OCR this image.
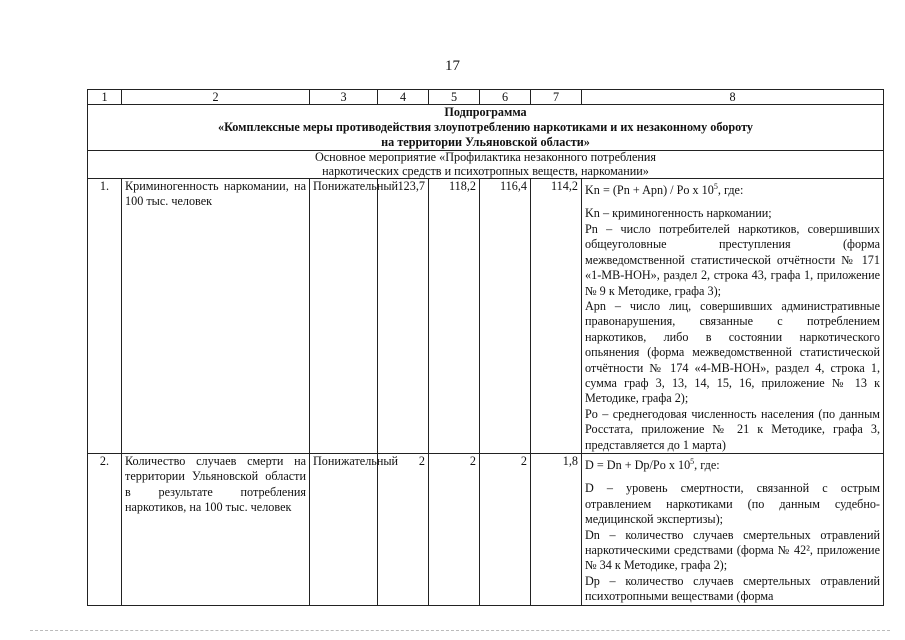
17
1	2	3	4	5	6	7	8

Подпрограмма
«Комплексные меры противодействия злоупотреблению наркотиками и их незаконному обороту
на территории Ульяновской области»							

Основное мероприятие «Профилактика незаконного потребления
наркотических средств и психотропных веществ, наркомании»							

1.	Криминогенность наркомании, на 100 тыс. человек	Понижательный	123,7	118,2	116,4	114,2	Kn = (Pn + Apn) / Po x $10^5$, где:
Kn – криминогенность наркомании;
Pn – число потребителей наркотиков, совершивших общеуголовные преступления (форма межведомственной статистической отчётности № 171 «1-МВ-НОН», раздел 2, строка 43, графа 1, приложение № 9 к Методике, графа 3);
Apn – число лиц, совершивших административные правонарушения, связанные с потреблением наркотиков, либо в состоянии наркотического опьянения (форма межведомственной статистической отчётности № 174 «4-МВ-НОН», раздел 4, строка 1, сумма граф 3, 13, 14, 15, 16, приложение № 13 к Методике, графа 2);
Po – среднегодовая численность населения (по данным Росстата, приложение № 21 к Методике, графа 3, представляется до 1 марта)

2.	Количество случаев смерти на территории Ульяновской области в результате потребления наркотиков, на 100 тыс. человек	Понижательный	2	2	2	1,8	D = Dn + Dp/Po x $10^5$, где:
D – уровень смертности, связанной с острым отравлением наркотиками (по данным судебно-медицинской экспертизы);
Dn – количество случаев смертельных отравлений наркотическими средствами (форма № 42², приложение № 34 к Методике, графа 2);
Dp – количество случаев смертельных отравлений психотропными веществами (форма
